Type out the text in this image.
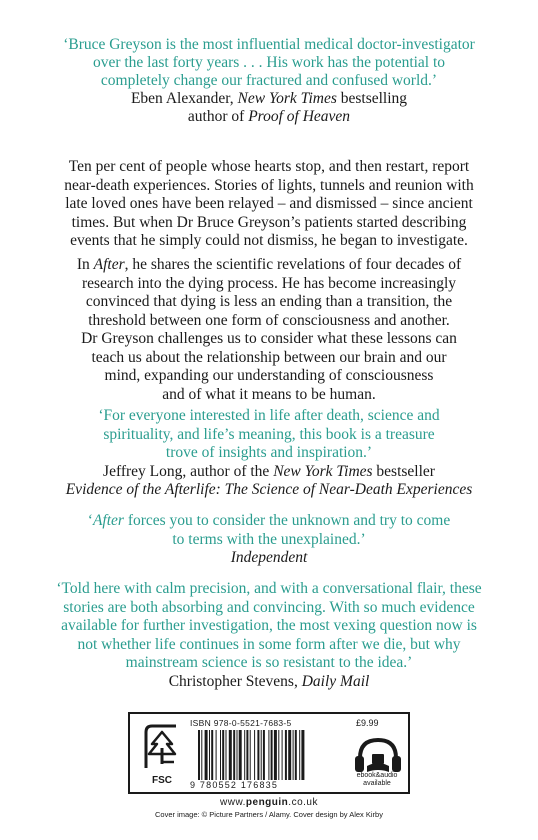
‘Bruce Greyson is the most influential medical doctor-investigator
over the last forty years . . . His work has the potential to
completely change our fractured and confused world.’
Eben Alexander, New York Times bestselling
author of Proof of Heaven
Ten per cent of people whose hearts stop, and then restart, report
near-death experiences. Stories of lights, tunnels and reunion with
late loved ones have been relayed – and dismissed – since ancient
times. But when Dr Bruce Greyson’s patients started describing
events that he simply could not dismiss, he began to investigate.
In After, he shares the scientific revelations of four decades of
research into the dying process. He has become increasingly
convinced that dying is less an ending than a transition, the
threshold between one form of consciousness and another.
Dr Greyson challenges us to consider what these lessons can
teach us about the relationship between our brain and our
mind, expanding our understanding of consciousness
and of what it means to be human.
‘For everyone interested in life after death, science and
spirituality, and life’s meaning, this book is a treasure
trove of insights and inspiration.’
Jeffrey Long, author of the New York Times bestseller
Evidence of the Afterlife: The Science of Near-Death Experiences
‘After forces you to consider the unknown and try to come
to terms with the unexplained.’
Independent
‘Told here with calm precision, and with a conversational flair, these
stories are both absorbing and convincing. With so much evidence
available for further investigation, the most vexing question now is
not whether life continues in some form after we die, but why
mainstream science is so resistant to the idea.’
Christopher Stevens, Daily Mail
FSC
ISBN 978-0-5521-7683-5
9 780552 176835
£9.99
ebook&audio
available
www.penguin.co.uk
Cover image: © Picture Partners / Alamy. Cover design by Alex Kirby
